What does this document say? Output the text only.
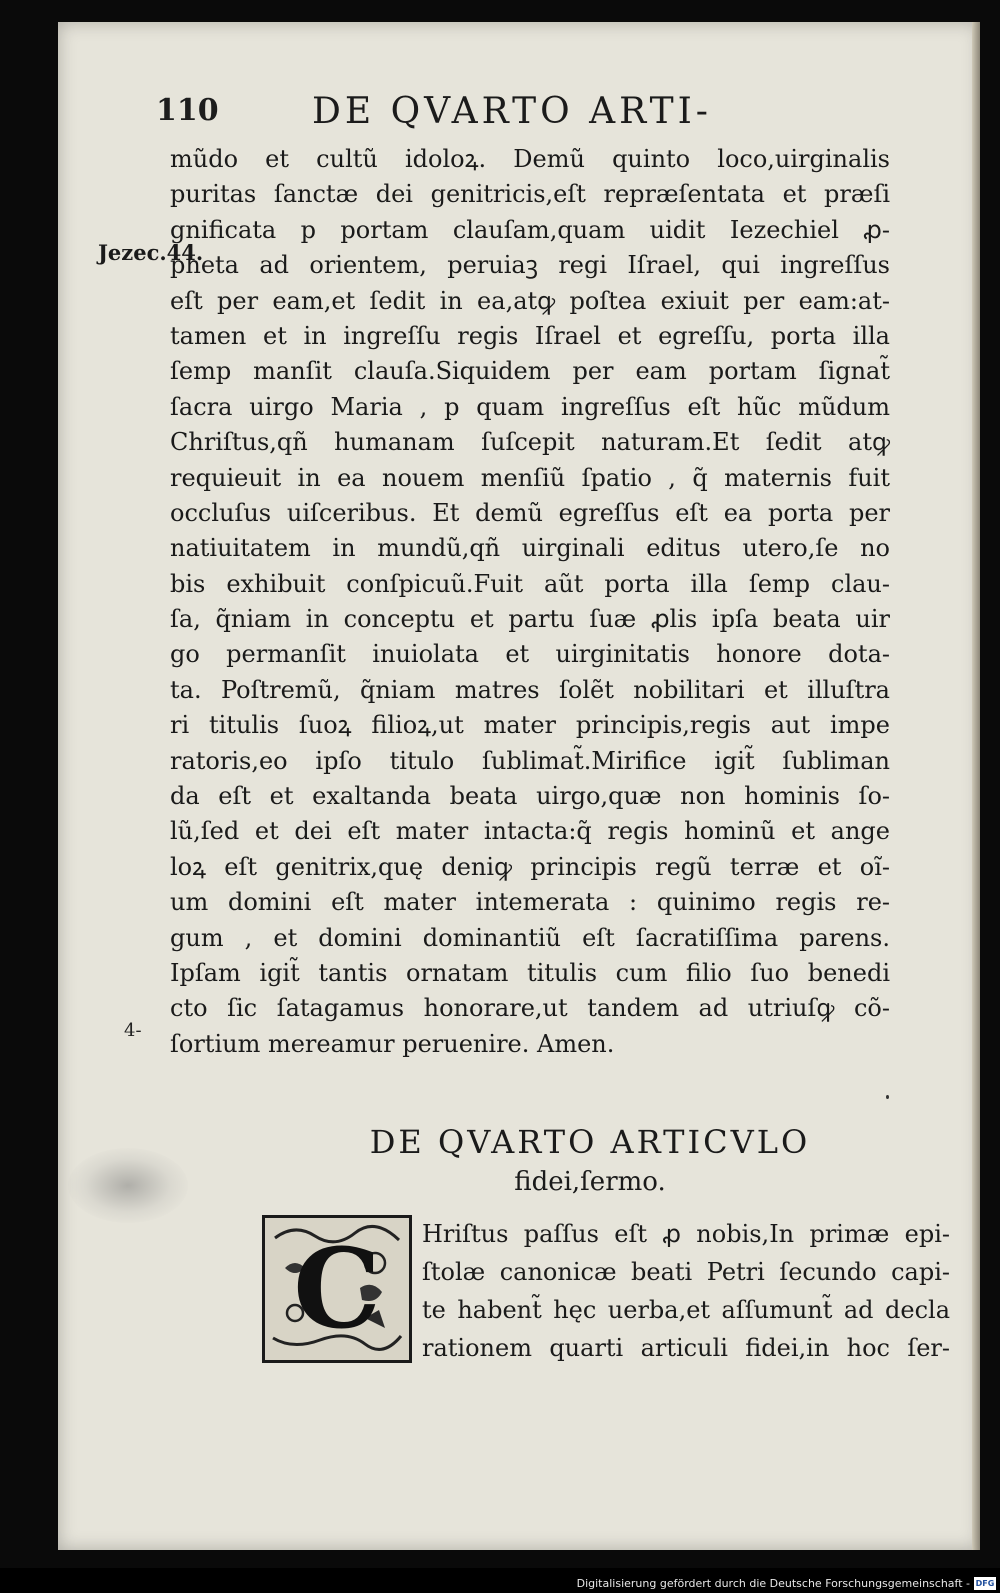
110	DE QVARTO ARTI-
Jezec.44.
4-
mũdo et cultũ idoloꝝ. Demũ quinto loco,uirginalis
puritas ſanctæ dei genitricis,eſt repræſentata et præſi
gnificata p portam clauſam,quam uidit Iezechiel ꝓ-
pheta ad orientem, peruiaꝫ regi Iſrael, qui ingreſſus
eſt per eam,et ſedit in ea,atꝙ poſtea exiuit per eam:at-
tamen et in ingreſſu regis Iſrael et egreſſu, porta illa
ſemp manſit clauſa.Siquidem per eam portam ſignat̃
ſacra uirgo Maria , p quam ingreſſus eſt hũc mũdum
Chriſtus,qñ humanam ſuſcepit naturam.Et ſedit atꝙ
requieuit in ea nouem menſiũ ſpatio , q̃ maternis fuit
occluſus uiſceribus. Et demũ egreſſus eſt ea porta per
natiuitatem in mundũ,qñ uirginali editus utero,ſe no
bis exhibuit conſpicuũ.Fuit aũt porta illa ſemp clau-
ſa, q̃niam in conceptu et partu ſuæ ꝓlis ipſa beata uir
go permanſit inuiolata et uirginitatis honore dota-
ta. Poſtremũ, q̃niam matres ſolẽt nobilitari et illuſtra
ri titulis ſuoꝝ filioꝝ,ut mater principis,regis aut impe
ratoris,eo ipſo titulo ſublimat̃.Mirifice igit̃ ſubliman
da eſt et exaltanda beata uirgo,quæ non hominis ſo-
lũ,ſed et dei eſt mater intacta:q̃ regis hominũ et ange
loꝝ eſt genitrix,quę deniꝙ principis regũ terræ et oĩ-
um domini eſt mater intemerata : quinimo regis re-
gum , et domini dominantiũ eſt ſacratiſſima parens.
Ipſam igit̃ tantis ornatam titulis cum filio ſuo benedi
cto ſic ſatagamus honorare,ut tandem ad utriuſꝙ cõ-
ſortium mereamur peruenire. Amen.
DE QVARTO ARTICVLO
fidei,ſermo.
C	Hriſtus paſſus eſt ꝓ nobis,In primæ epi-
ſtolæ canonicæ beati Petri ſecundo capi-
te habent̃ hęc uerba,et aſſumunt̃ ad decla
rationem quarti articuli fidei,in hoc ſer-
Digitalisierung gefördert durch die Deutsche Forschungsgemeinschaft - DFG
